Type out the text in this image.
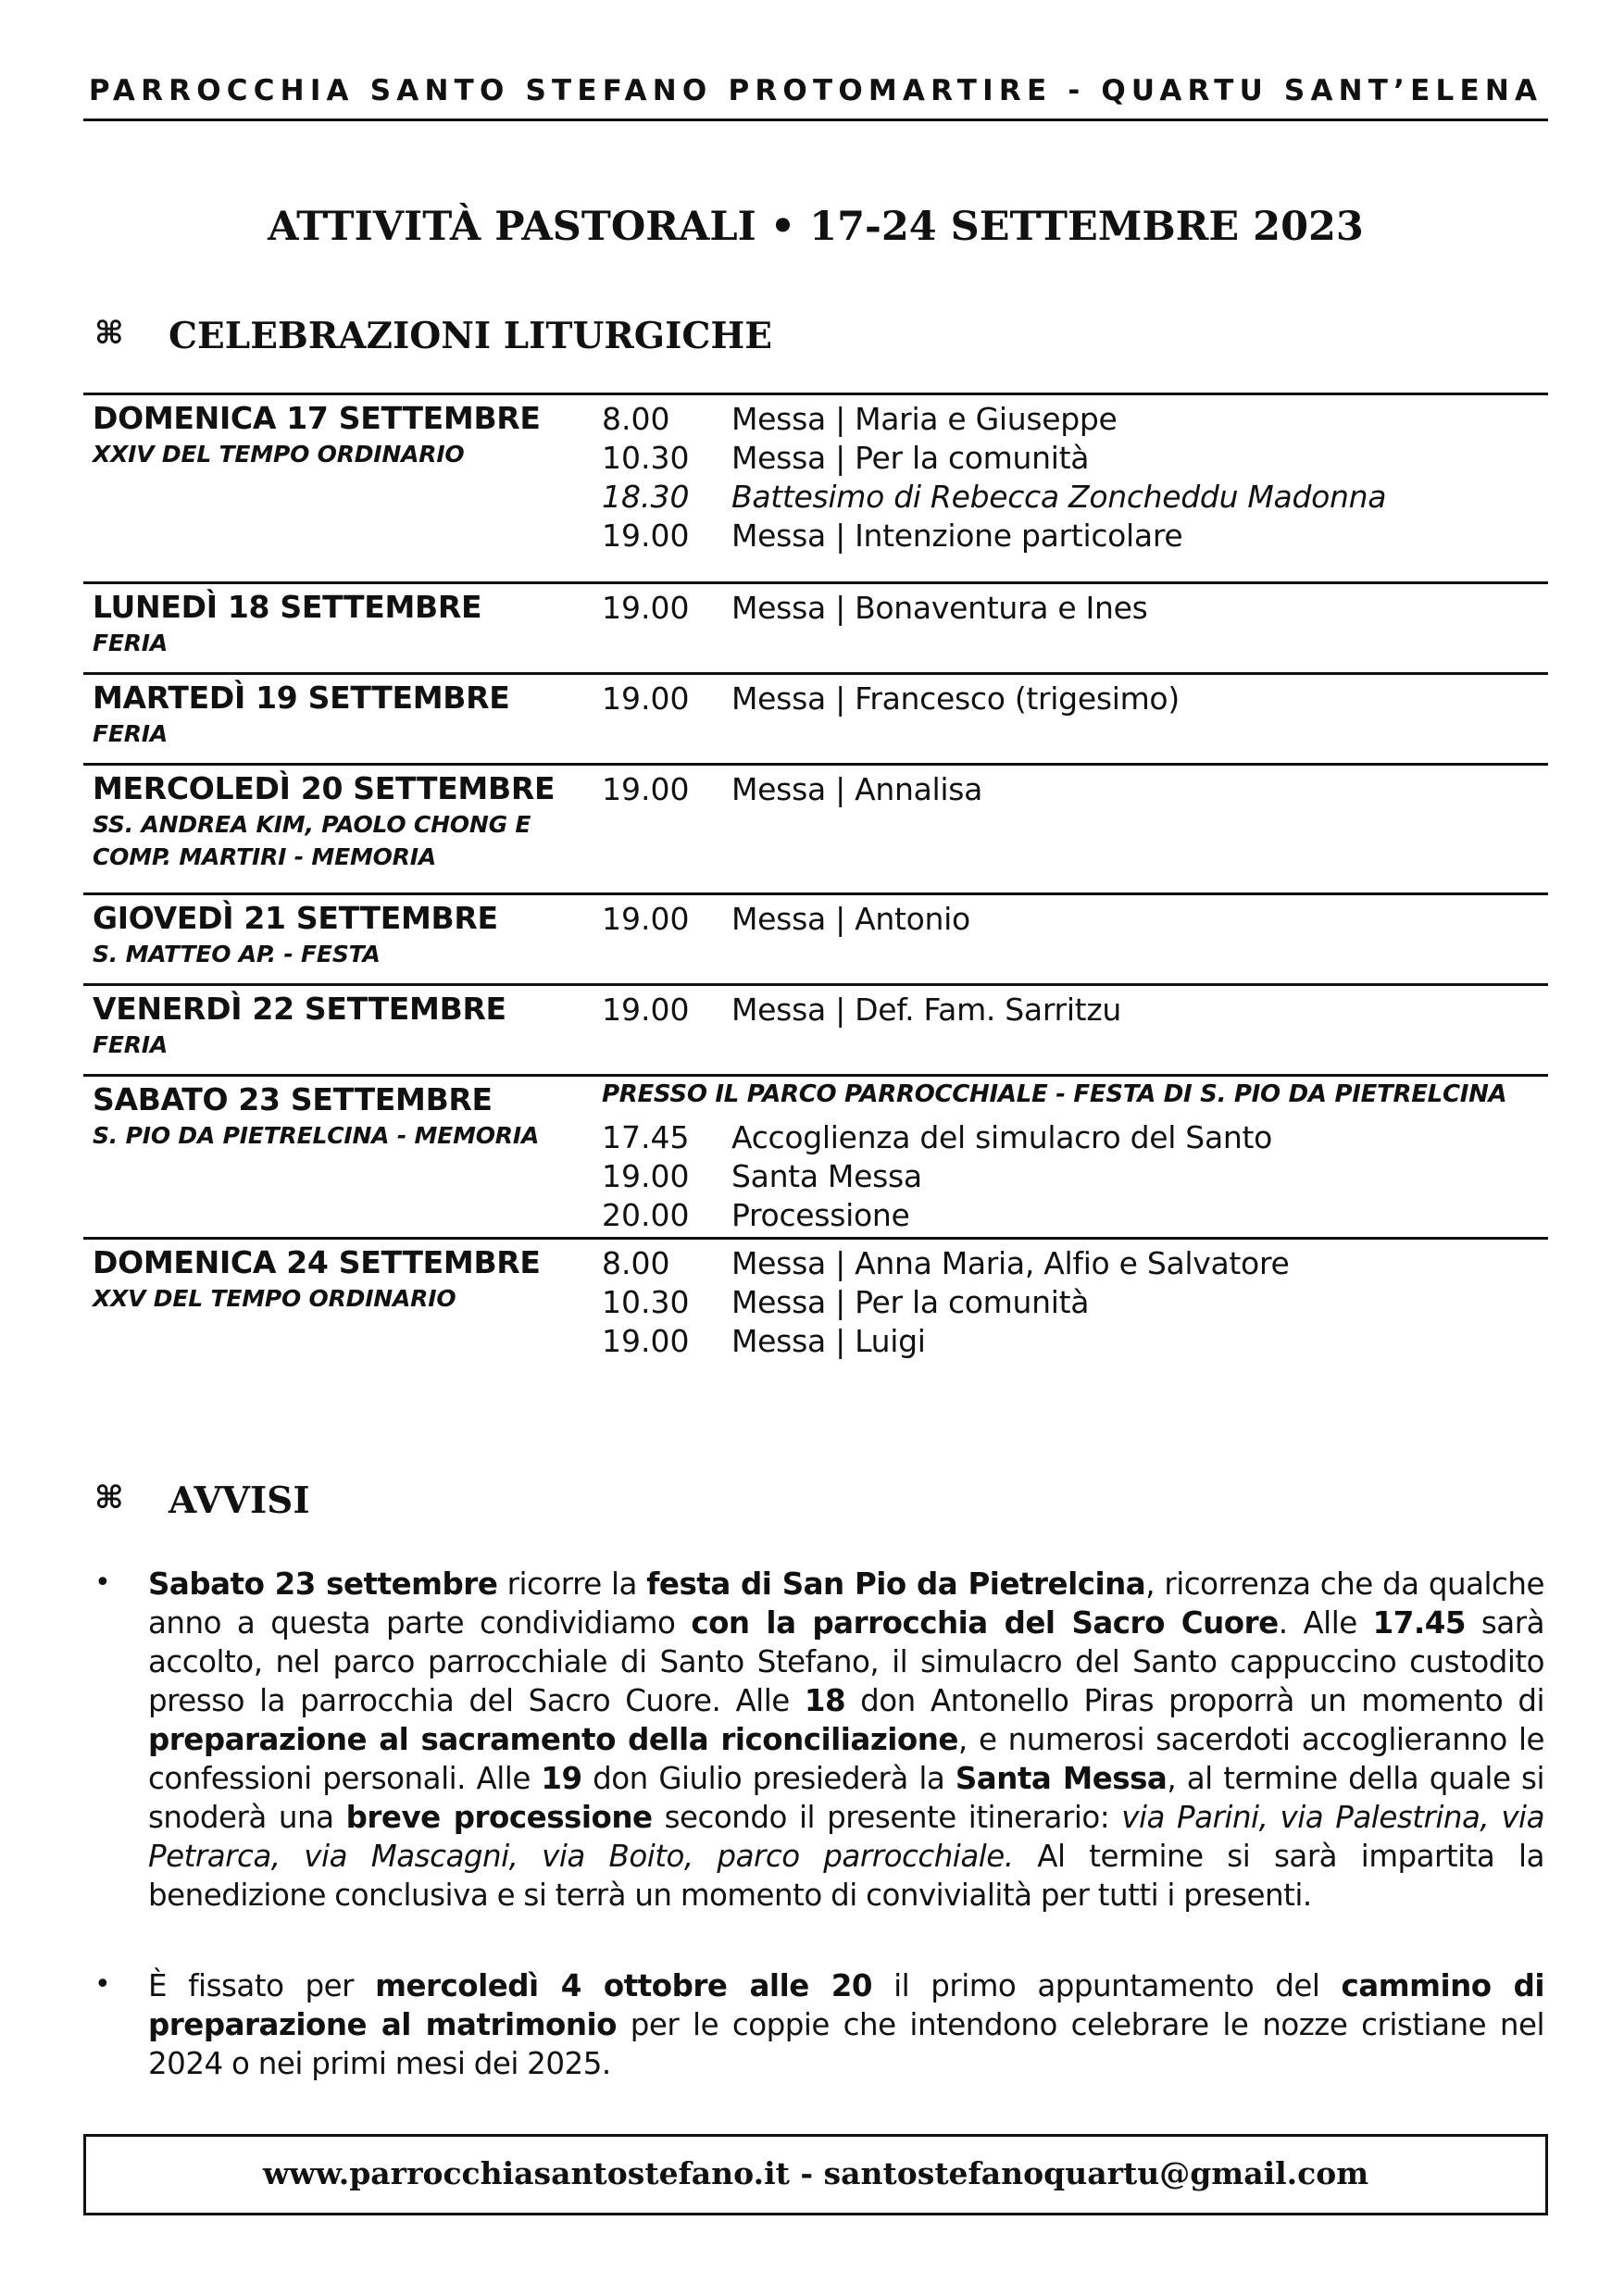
PARROCCHIA SANTO STEFANO PROTOMARTIRE - QUARTU SANT’ELENA
ATTIVITÀ PASTORALI • 17-24 SETTEMBRE 2023
⌘ CELEBRAZIONI LITURGICHE
DOMENICA 17 SETTEMBRE
XXIV DEL TEMPO ORDINARIO
8.00 Messa | Maria e Giuseppe
10.30 Messa | Per la comunità
18.30 Battesimo di Rebecca Zoncheddu Madonna
19.00 Messa | Intenzione particolare
LUNEDÌ 18 SETTEMBRE
FERIA
19.00 Messa | Bonaventura e Ines
MARTEDÌ 19 SETTEMBRE
FERIA
19.00 Messa | Francesco (trigesimo)
MERCOLEDÌ 20 SETTEMBRE
SS. ANDREA KIM, PAOLO CHONG E COMP. MARTIRI - MEMORIA
19.00 Messa | Annalisa
GIOVEDÌ 21 SETTEMBRE
S. MATTEO AP. - FESTA
19.00 Messa | Antonio
VENERDÌ 22 SETTEMBRE
FERIA
19.00 Messa | Def. Fam. Sarritzu
SABATO 23 SETTEMBRE
S. PIO DA PIETRELCINA - MEMORIA
PRESSO IL PARCO PARROCCHIALE - FESTA DI S. PIO DA PIETRELCINA
17.45 Accoglienza del simulacro del Santo
19.00 Santa Messa
20.00 Processione
DOMENICA 24 SETTEMBRE
XXV DEL TEMPO ORDINARIO
8.00 Messa | Anna Maria, Alfio e Salvatore
10.30 Messa | Per la comunità
19.00 Messa | Luigi
⌘ AVVISI
• Sabato 23 settembre ricorre la festa di San Pio da Pietrelcina, ricorrenza che da qualche anno a questa parte condividiamo con la parrocchia del Sacro Cuore. Alle 17.45 sarà accolto, nel parco parrocchiale di Santo Stefano, il simulacro del Santo cappuccino custodito presso la parrocchia del Sacro Cuore. Alle 18 don Antonello Piras proporrà un momento di preparazione al sacramento della riconciliazione, e numerosi sacerdoti accoglieranno le confessioni personali. Alle 19 don Giulio presiederà la Santa Messa, al termine della quale si snoderà una breve processione secondo il presente itinerario: via Parini, via Palestrina, via Petrarca, via Mascagni, via Boito, parco parrocchiale. Al termine si sarà impartita la benedizione conclusiva e si terrà un momento di convivialità per tutti i presenti.
• È fissato per mercoledì 4 ottobre alle 20 il primo appuntamento del cammino di preparazione al matrimonio per le coppie che intendono celebrare le nozze cristiane nel 2024 o nei primi mesi dei 2025.
www.parrocchiasantostefano.it - santostefanoquartu@gmail.com
